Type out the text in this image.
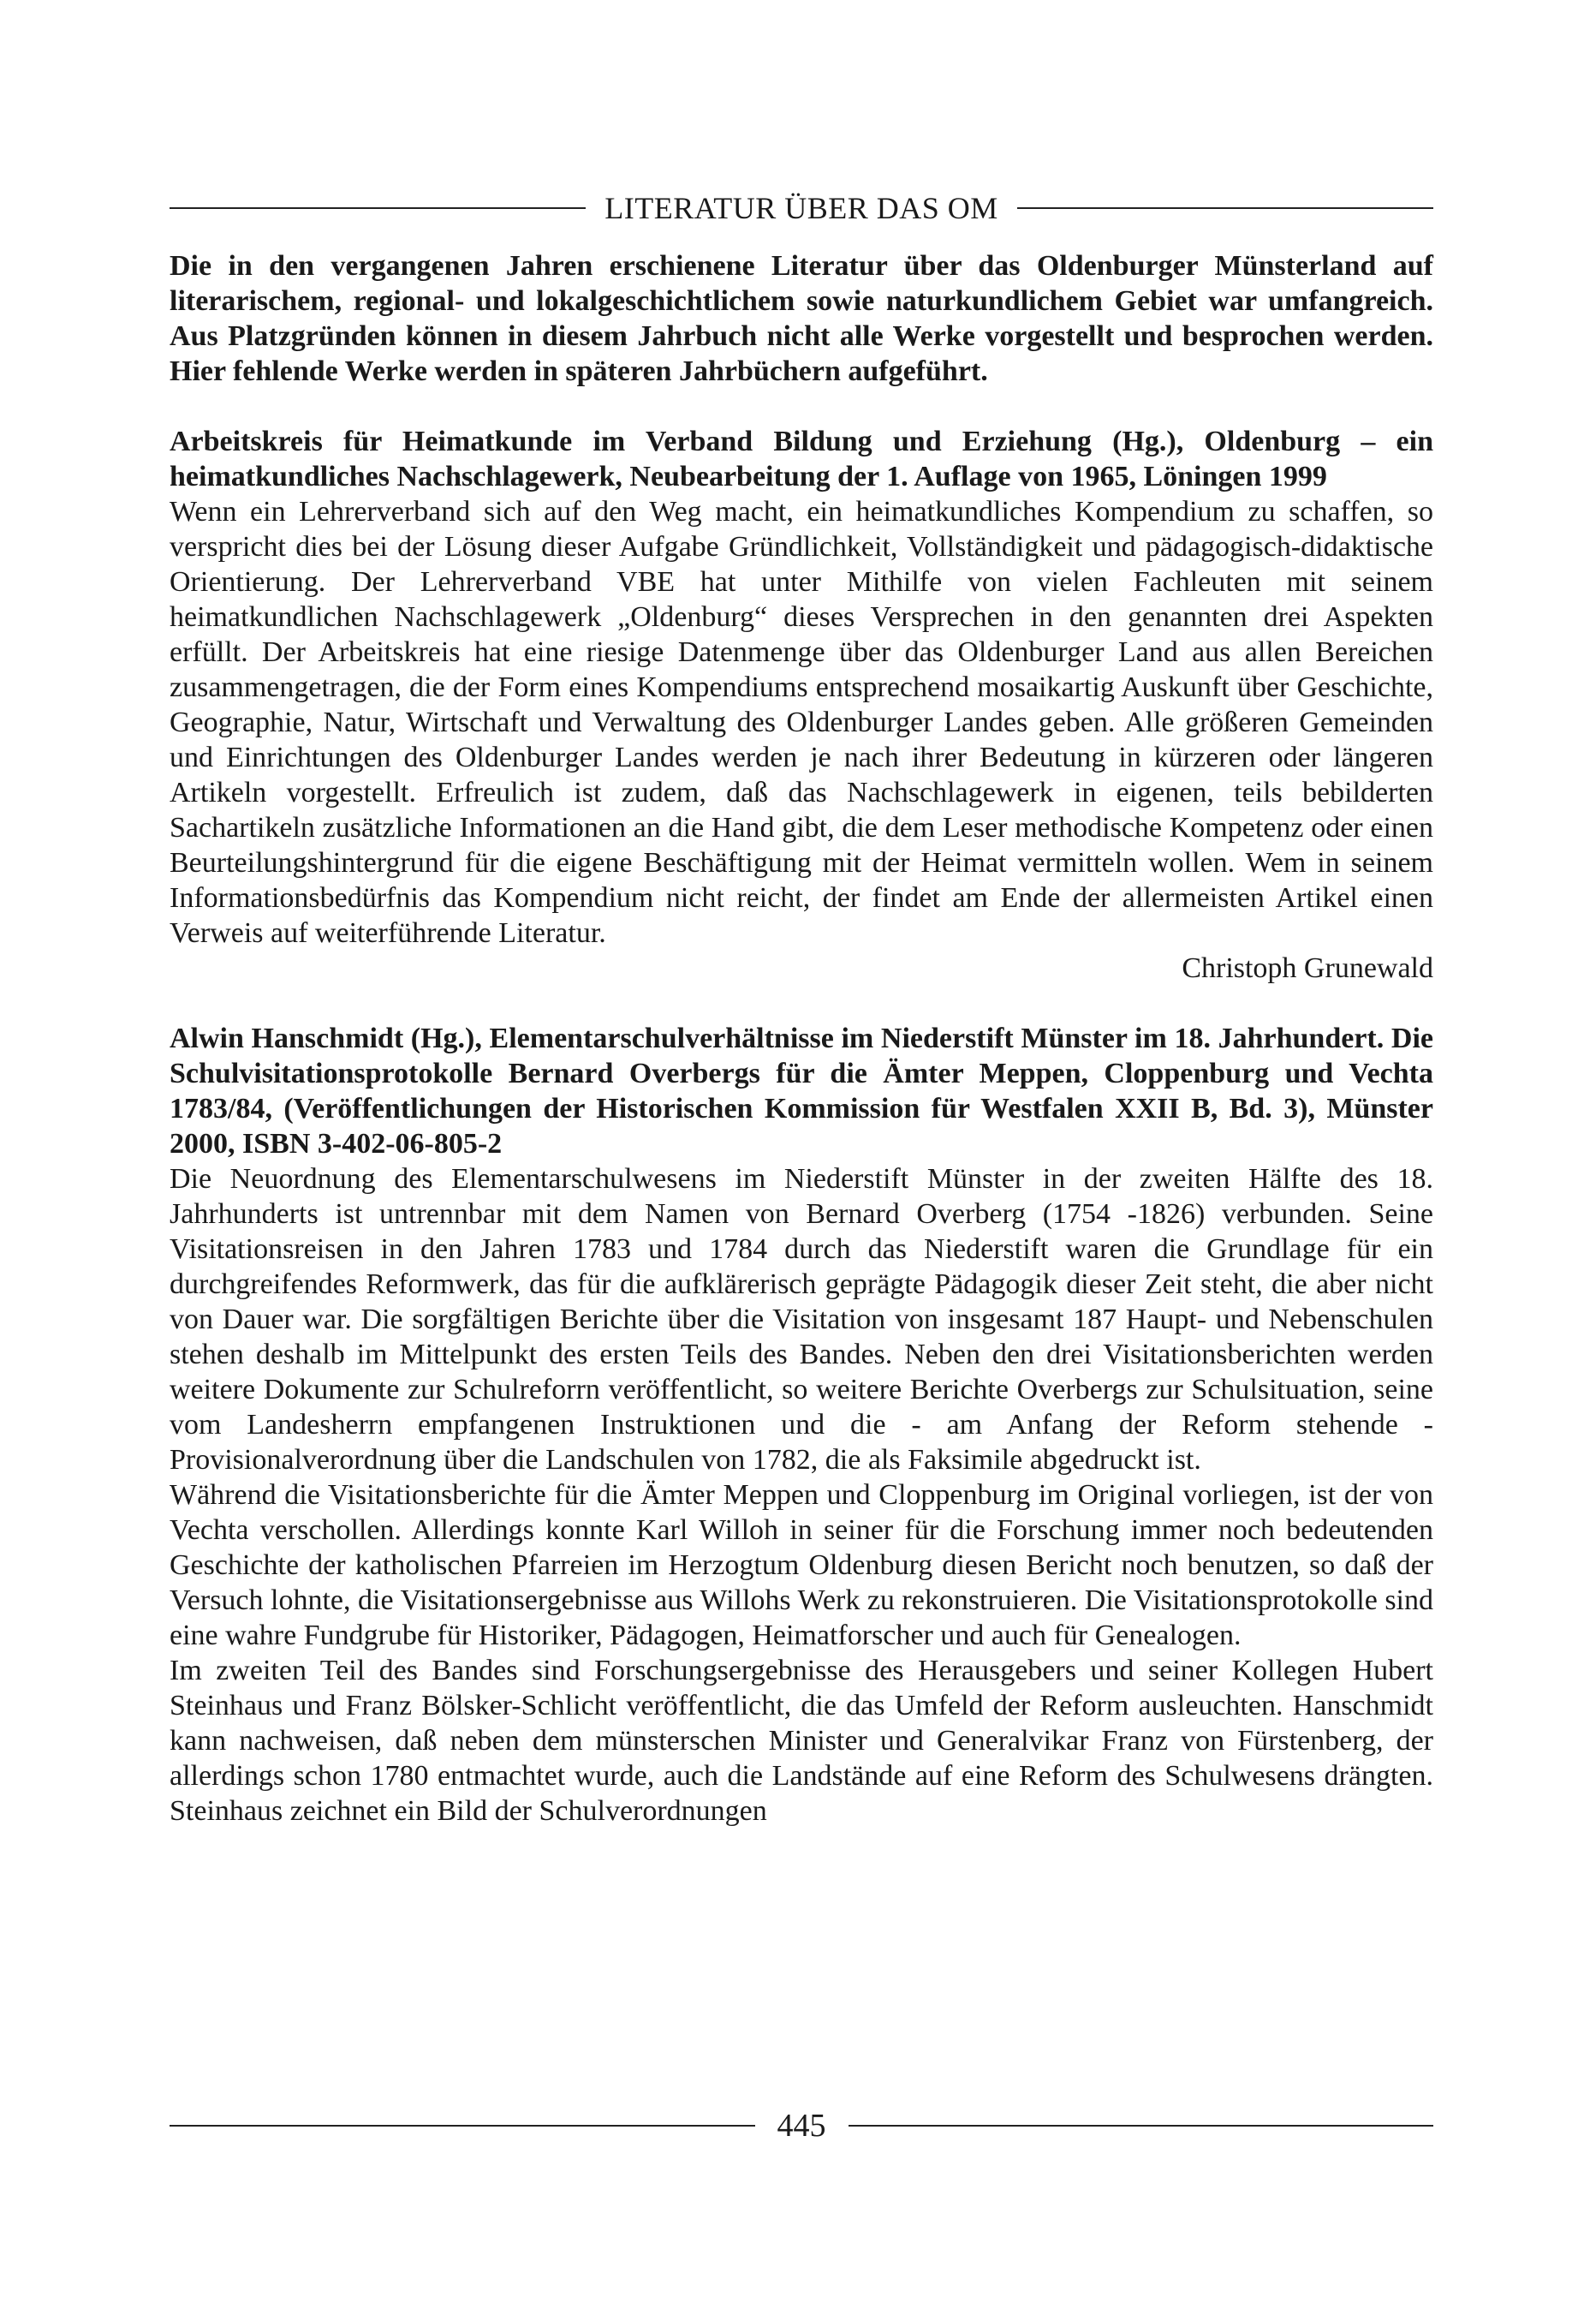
LITERATUR ÜBER DAS OM

Die in den vergangenen Jahren erschienene Literatur über das Oldenburger Münsterland auf literarischem, regional- und lokalgeschichtlichem sowie naturkundlichem Gebiet war umfangreich. Aus Platzgründen können in diesem Jahrbuch nicht alle Werke vorgestellt und besprochen werden. Hier fehlende Werke werden in späteren Jahrbüchern aufgeführt.

Arbeitskreis für Heimatkunde im Verband Bildung und Erziehung (Hg.), Oldenburg – ein heimatkundliches Nachschlagewerk, Neubearbeitung der 1. Auflage von 1965, Löningen 1999

Wenn ein Lehrerverband sich auf den Weg macht, ein heimatkundliches Kompendium zu schaffen, so verspricht dies bei der Lösung dieser Aufgabe Gründlichkeit, Vollständigkeit und pädagogisch-didaktische Orientierung. Der Lehrerverband VBE hat unter Mithilfe von vielen Fachleuten mit seinem heimatkundlichen Nachschlagewerk „Oldenburg“ dieses Versprechen in den genannten drei Aspekten erfüllt. Der Arbeitskreis hat eine riesige Datenmenge über das Oldenburger Land aus allen Bereichen zusammengetragen, die der Form eines Kompendiums entsprechend mosaikartig Auskunft über Geschichte, Geographie, Natur, Wirtschaft und Verwaltung des Oldenburger Landes geben. Alle größeren Gemeinden und Einrichtungen des Oldenburger Landes werden je nach ihrer Bedeutung in kürzeren oder längeren Artikeln vorgestellt. Erfreulich ist zudem, daß das Nachschlagewerk in eigenen, teils bebilderten Sachartikeln zusätzliche Informationen an die Hand gibt, die dem Leser methodische Kompetenz oder einen Beurteilungshintergrund für die eigene Beschäftigung mit der Heimat vermitteln wollen. Wem in seinem Informationsbedürfnis das Kompendium nicht reicht, der findet am Ende der allermeisten Artikel einen Verweis auf weiterführende Literatur.

Christoph Grunewald

Alwin Hanschmidt (Hg.), Elementarschulverhältnisse im Niederstift Münster im 18. Jahrhundert. Die Schulvisitationsprotokolle Bernard Overbergs für die Ämter Meppen, Cloppenburg und Vechta 1783/84, (Veröffentlichungen der Historischen Kommission für Westfalen XXII B, Bd. 3), Münster 2000, ISBN 3-402-06-805-2

Die Neuordnung des Elementarschulwesens im Niederstift Münster in der zweiten Hälfte des 18. Jahrhunderts ist untrennbar mit dem Namen von Bernard Overberg (1754 -1826) verbunden. Seine Visitationsreisen in den Jahren 1783 und 1784 durch das Niederstift waren die Grundlage für ein durchgreifendes Reformwerk, das für die aufklärerisch geprägte Pädagogik dieser Zeit steht, die aber nicht von Dauer war. Die sorgfältigen Berichte über die Visitation von insgesamt 187 Haupt- und Nebenschulen stehen deshalb im Mittelpunkt des ersten Teils des Bandes. Neben den drei Visitationsberichten werden weitere Dokumente zur Schulreforrn veröffentlicht, so weitere Berichte Overbergs zur Schulsituation, seine vom Landesherrn empfangenen Instruktionen und die - am Anfang der Reform stehende - Provisionalverordnung über die Landschulen von 1782, die als Faksimile abgedruckt ist.

Während die Visitationsberichte für die Ämter Meppen und Cloppenburg im Original vorliegen, ist der von Vechta verschollen. Allerdings konnte Karl Willoh in seiner für die Forschung immer noch bedeutenden Geschichte der katholischen Pfarreien im Herzogtum Oldenburg diesen Bericht noch benutzen, so daß der Versuch lohnte, die Visitationsergebnisse aus Willohs Werk zu rekonstruieren. Die Visitationsprotokolle sind eine wahre Fundgrube für Historiker, Pädagogen, Heimatforscher und auch für Genealogen.

Im zweiten Teil des Bandes sind Forschungsergebnisse des Herausgebers und seiner Kollegen Hubert Steinhaus und Franz Bölsker-Schlicht veröffentlicht, die das Umfeld der Reform ausleuchten. Hanschmidt kann nachweisen, daß neben dem münsterschen Minister und Generalvikar Franz von Fürstenberg, der allerdings schon 1780 entmachtet wurde, auch die Landstände auf eine Reform des Schulwesens drängten. Steinhaus zeichnet ein Bild der Schulverordnungen

445
